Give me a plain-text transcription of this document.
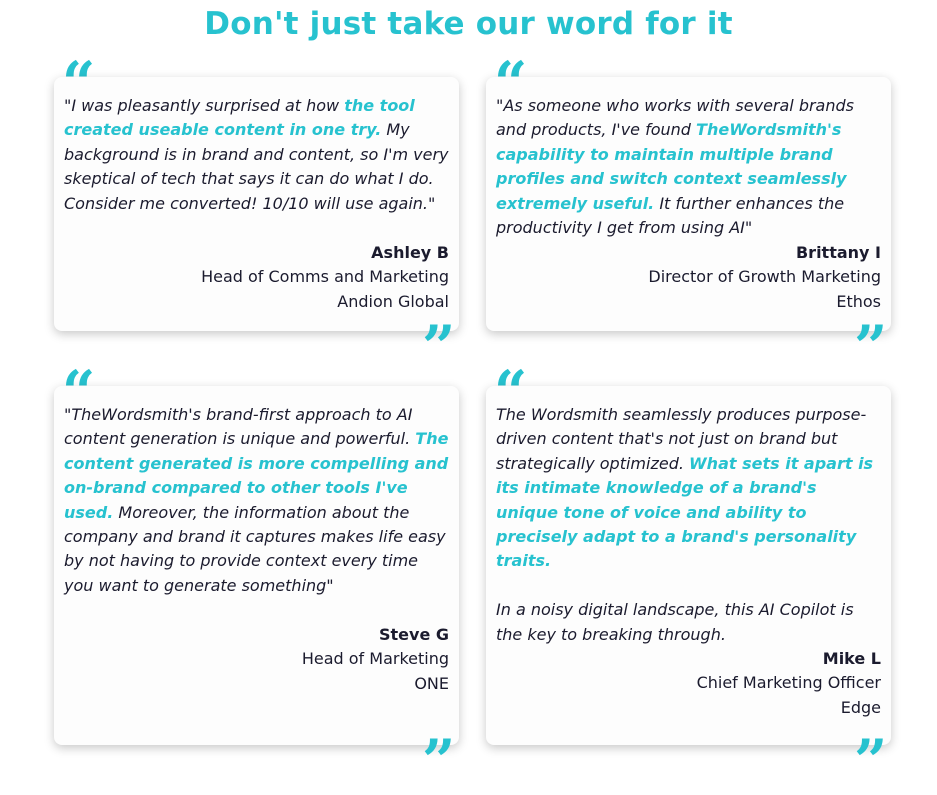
Don't just take our word for it
"I was pleasantly surprised at how the tool created useable content in one try. My background is in brand and content, so I'm very skeptical of tech that says it can do what I do. Consider me converted! 10/10 will use again."
Ashley B
Head of Comms and Marketing
Andion Global
”
"As someone who works with several brands and products, I've found TheWordsmith's capability to maintain multiple brand profiles and switch context seamlessly extremely useful. It further enhances the productivity I get from using AI"
Brittany I
Director of Growth Marketing
Ethos
”
"TheWordsmith's brand-first approach to AI content generation is unique and powerful. The content generated is more compelling and on-brand compared to other tools I've used. Moreover, the information about the company and brand it captures makes life easy by not having to provide context every time you want to generate something"
Steve G
Head of Marketing
ONE
”
The Wordsmith seamlessly produces purpose-driven content that's not just on brand but strategically optimized. What sets it apart is its intimate knowledge of a brand's unique tone of voice and ability to precisely adapt to a brand's personality traits.
In a noisy digital landscape, this AI Copilot is the key to breaking through.
Mike L
Chief Marketing Officer
Edge
”
